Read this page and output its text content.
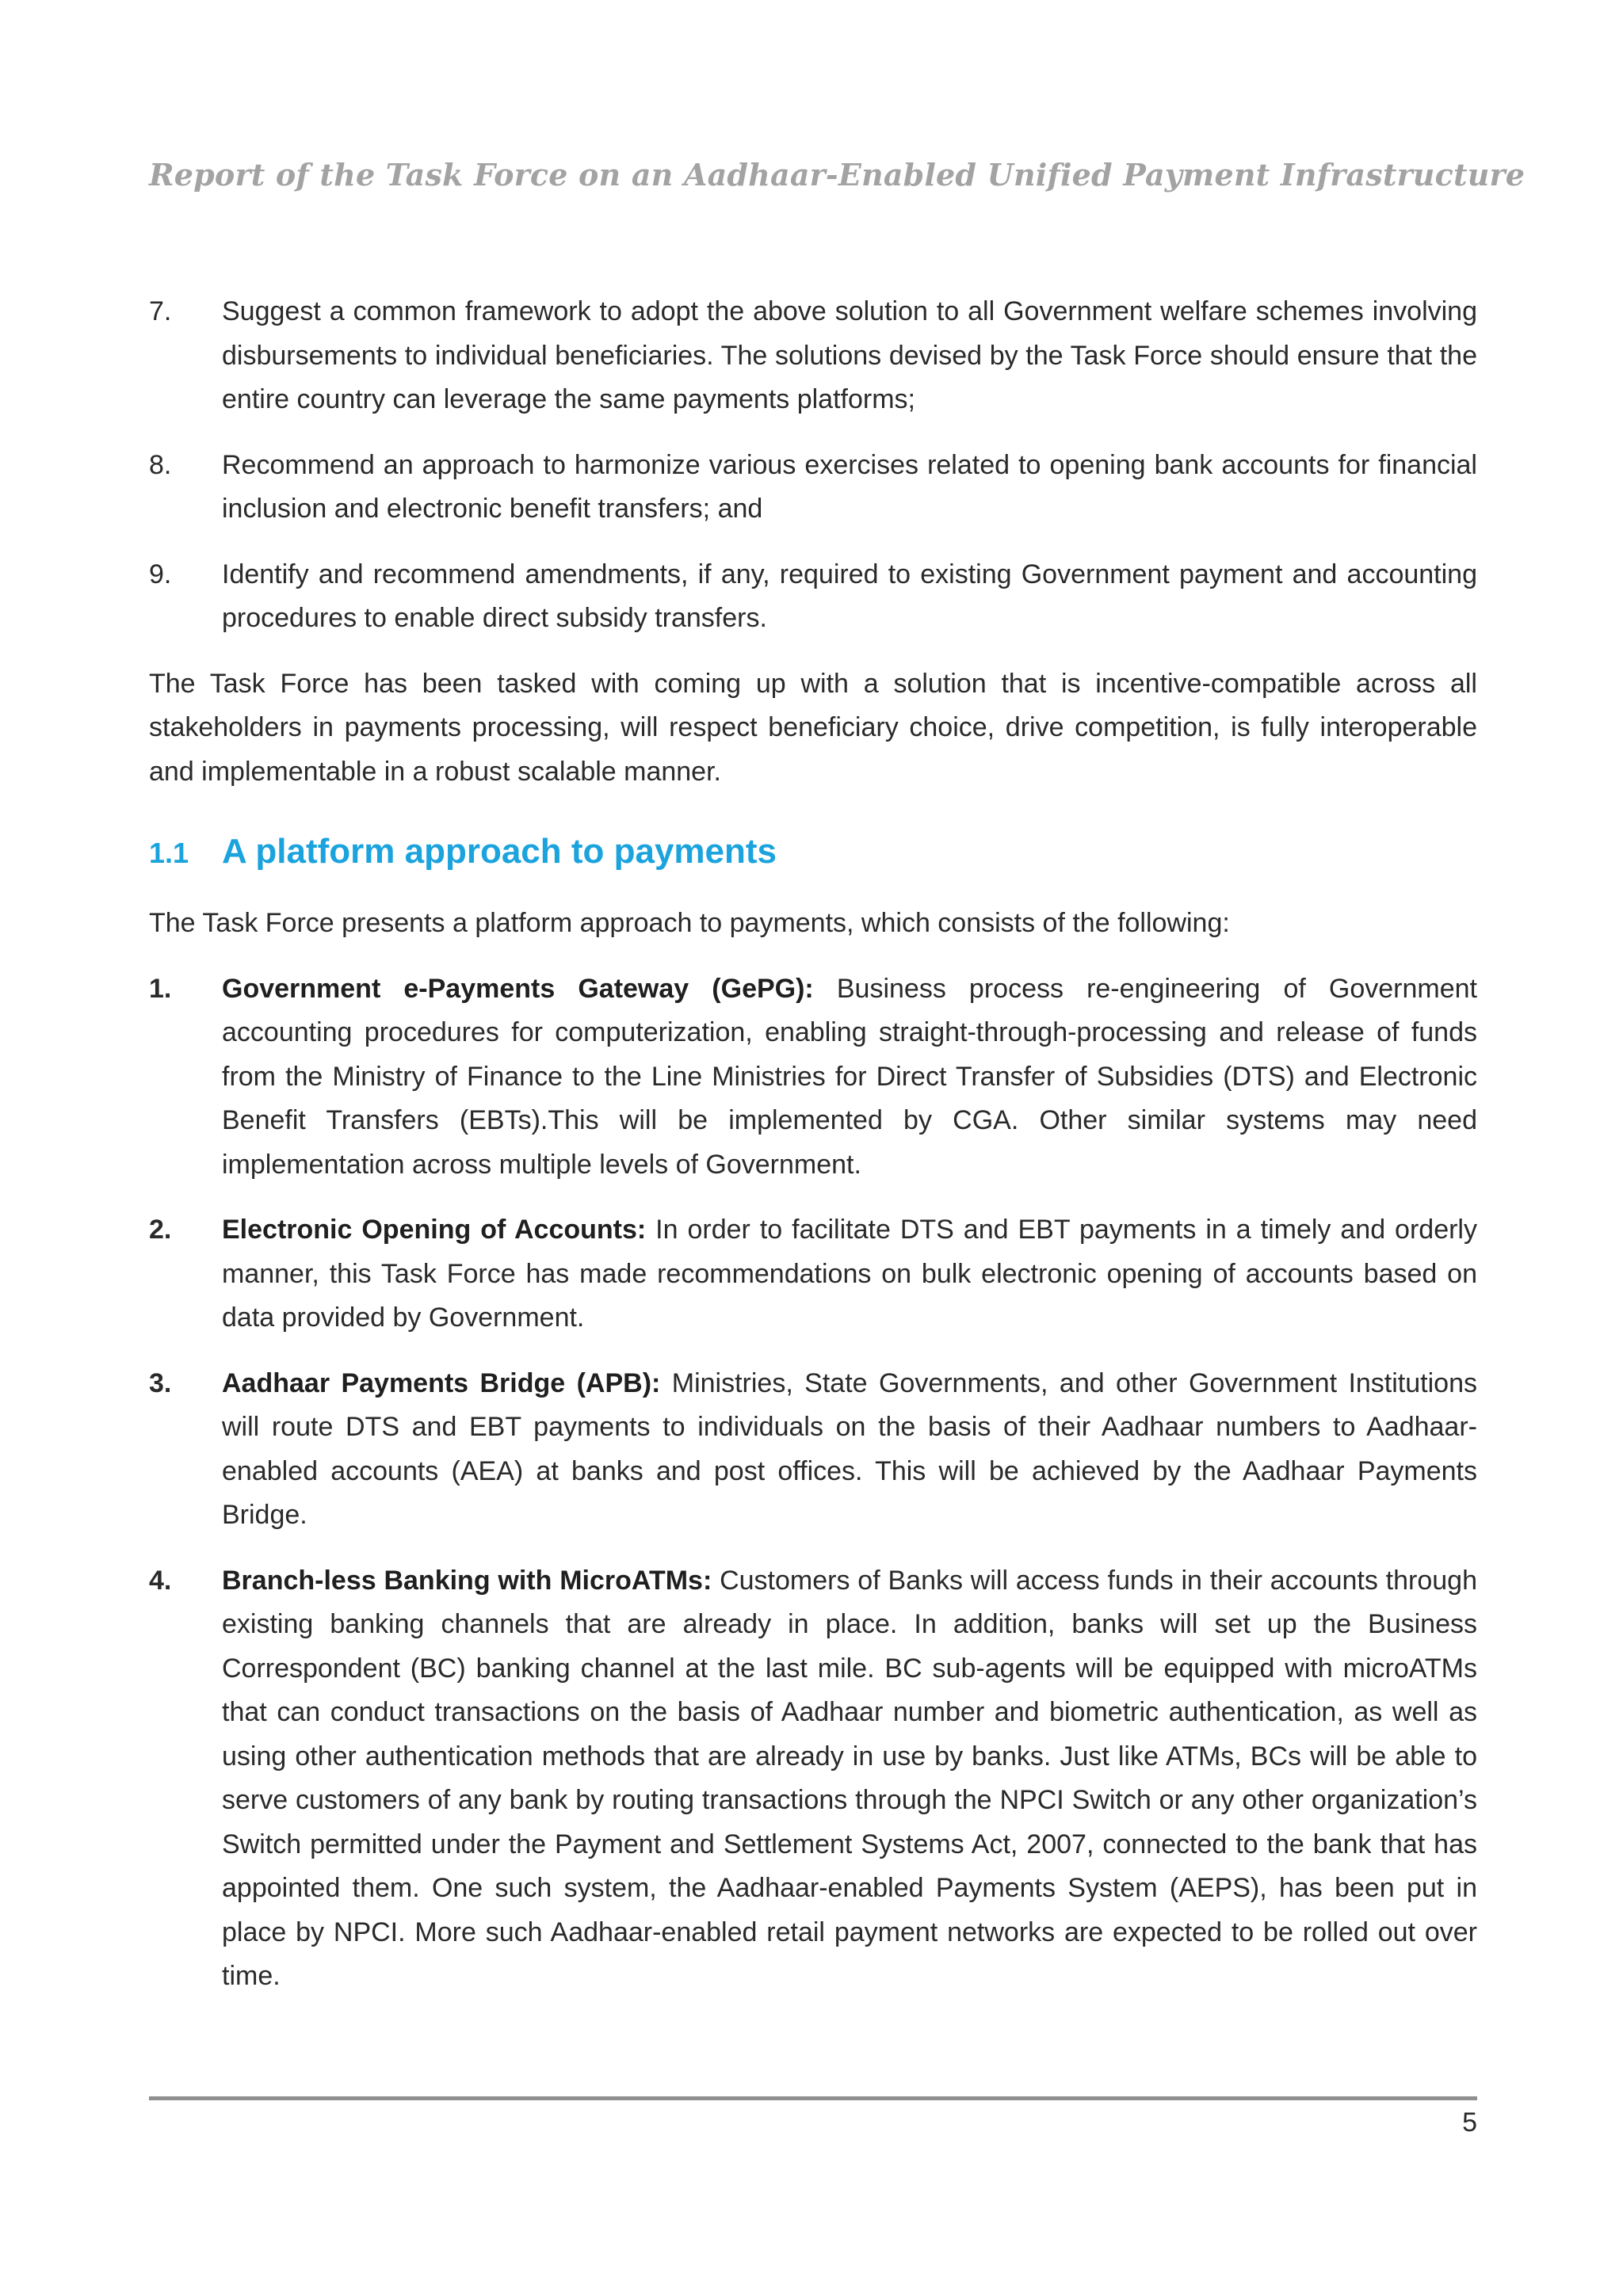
Report of the Task Force on an Aadhaar-Enabled Unified Payment Infrastructure
7.	Suggest a common framework to adopt the above solution to all Government welfare schemes involving disbursements to individual beneficiaries. The solutions devised by the Task Force should ensure that the entire country can leverage the same payments platforms;
8.	Recommend an approach to harmonize various exercises related to opening bank accounts for financial inclusion and electronic benefit transfers; and
9.	Identify and recommend amendments, if any, required to existing Government payment and accounting procedures to enable direct subsidy transfers.

The Task Force has been tasked with coming up with a solution that is incentive-compatible across all stakeholders in payments processing, will respect beneficiary choice, drive competition, is fully interoperable and implementable in a robust scalable manner.

1.1 A platform approach to payments

The Task Force presents a platform approach to payments, which consists of the following:

1.	Government e-Payments Gateway (GePG): Business process re-engineering of Government accounting procedures for computerization, enabling straight-through-processing and release of funds from the Ministry of Finance to the Line Ministries for Direct Transfer of Subsidies (DTS) and Electronic Benefit Transfers (EBTs).This will be implemented by CGA. Other similar systems may need implementation across multiple levels of Government.
2.	Electronic Opening of Accounts: In order to facilitate DTS and EBT payments in a timely and orderly manner, this Task Force has made recommendations on bulk electronic opening of accounts based on data provided by Government.
3.	Aadhaar Payments Bridge (APB): Ministries, State Governments, and other Government Institutions will route DTS and EBT payments to individuals on the basis of their Aadhaar numbers to Aadhaar-enabled accounts (AEA) at banks and post offices. This will be achieved by the Aadhaar Payments Bridge.
4.	Branch-less Banking with MicroATMs: Customers of Banks will access funds in their accounts through existing banking channels that are already in place. In addition, banks will set up the Business Correspondent (BC) banking channel at the last mile. BC sub-agents will be equipped with microATMs that can conduct transactions on the basis of Aadhaar number and biometric authentication, as well as using other authentication methods that are already in use by banks. Just like ATMs, BCs will be able to serve customers of any bank by routing transactions through the NPCI Switch or any other organization’s Switch permitted under the Payment and Settlement Systems Act, 2007, connected to the bank that has appointed them. One such system, the Aadhaar-enabled Payments System (AEPS), has been put in place by NPCI. More such Aadhaar-enabled retail payment networks are expected to be rolled out over time.
5
